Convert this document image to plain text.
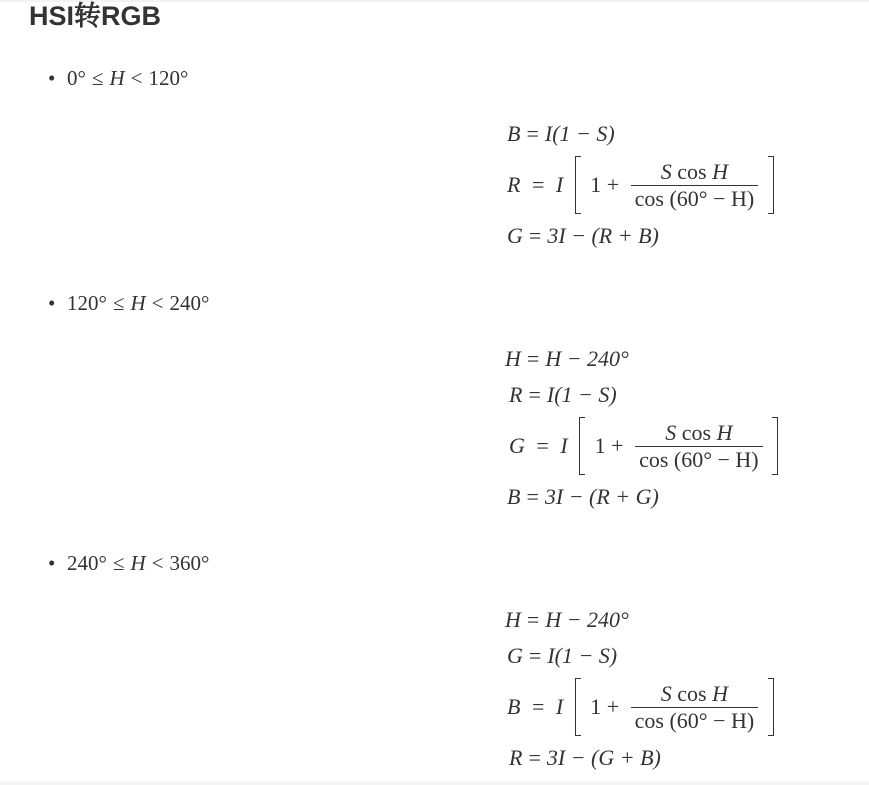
HSI转RGB
• 0° ≤ H < 120°
B = I(1 − S)
R = I $1 + \frac{\text{S cos H}}{\cos (60^\circ - H)}$

G = 3I − (R + B)
• 120° ≤ H < 240°
H = H − 240°
R = I(1 − S)
G = I $1 + \frac{\text{S cos H}}{\cos (60^\circ - H)}$

B = 3I − (R + G)
• 240° ≤ H < 360°
H = H − 240°
G = I(1 − S)
B = I $1 + \frac{\text{S cos H}}{\cos (60^\circ - H)}$

R = 3I − (G + B)
